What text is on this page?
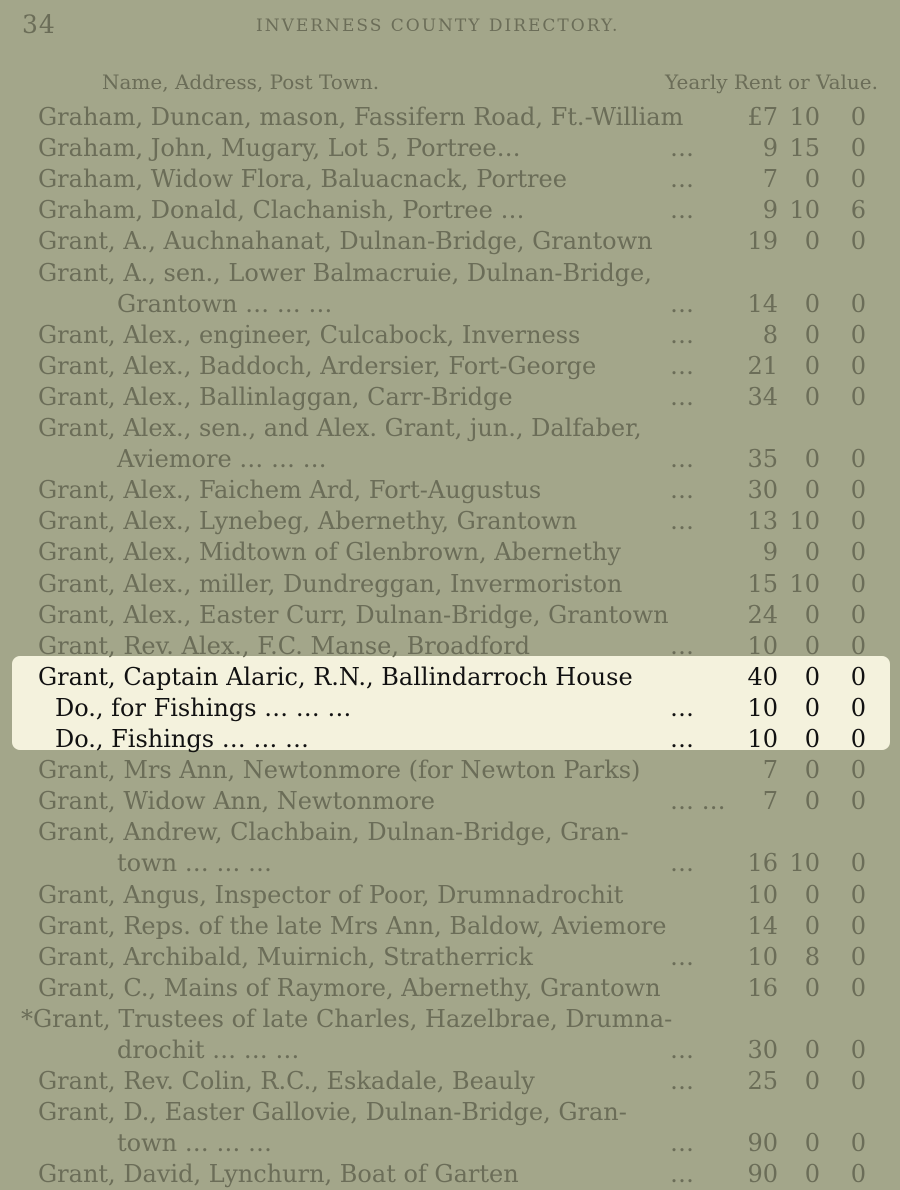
34	INVERNESS COUNTY DIRECTORY.
Name, Address, Post Town.	Yearly Rent or Value.
Graham, Duncan, mason, Fassifern Road, Ft.-William	£7 10	0
Graham, John, Mugary, Lot 5, Portree…	…	9 15	0
Graham, Widow Flora, Baluacnack, Portree	…	7	0	0
Graham, Donald, Clachanish, Portree …	…	9 10	6
Grant, A., Auchnahanat, Dulnan-Bridge, Grantown	19	0	0
Grant, A., sen., Lower Balmacruie, Dulnan-Bridge,
Grantown … … …	…	14	0	0
Grant, Alex., engineer, Culcabock, Inverness	…	8	0	0
Grant, Alex., Baddoch, Ardersier, Fort-George	…	21	0	0
Grant, Alex., Ballinlaggan, Carr-Bridge	…	34	0	0
Grant, Alex., sen., and Alex. Grant, jun., Dalfaber,
Aviemore … … …	…	35	0	0
Grant, Alex., Faichem Ard, Fort-Augustus	…	30	0	0
Grant, Alex., Lynebeg, Abernethy, Grantown	…	13 10	0
Grant, Alex., Midtown of Glenbrown, Abernethy	9	0	0
Grant, Alex., miller, Dundreggan, Invermoriston	15 10	0
Grant, Alex., Easter Curr, Dulnan-Bridge, Grantown	24	0	0
Grant, Rev. Alex., F.C. Manse, Broadford	…	10	0	0
Grant, Captain Alaric, R.N., Ballindarroch House	40	0	0
Do., for Fishings … … …	…	10	0	0
Do., Fishings … … …	…	10	0	0
Grant, Mrs Ann, Newtonmore (for Newton Parks)	7	0	0
Grant, Widow Ann, Newtonmore	… …	7	0	0
Grant, Andrew, Clachbain, Dulnan-Bridge, Gran-
town … … …	…	16 10	0
Grant, Angus, Inspector of Poor, Drumnadrochit	10	0	0
Grant, Reps. of the late Mrs Ann, Baldow, Aviemore	14	0	0
Grant, Archibald, Muirnich, Stratherrick	…	10	8	0
Grant, C., Mains of Raymore, Abernethy, Grantown	16	0	0
*Grant, Trustees of late Charles, Hazelbrae, Drumna-
drochit … … …	…	30	0	0
Grant, Rev. Colin, R.C., Eskadale, Beauly	…	25	0	0
Grant, D., Easter Gallovie, Dulnan-Bridge, Gran-
town … … …	…	90	0	0
Grant, David, Lynchurn, Boat of Garten	…	90	0	0
